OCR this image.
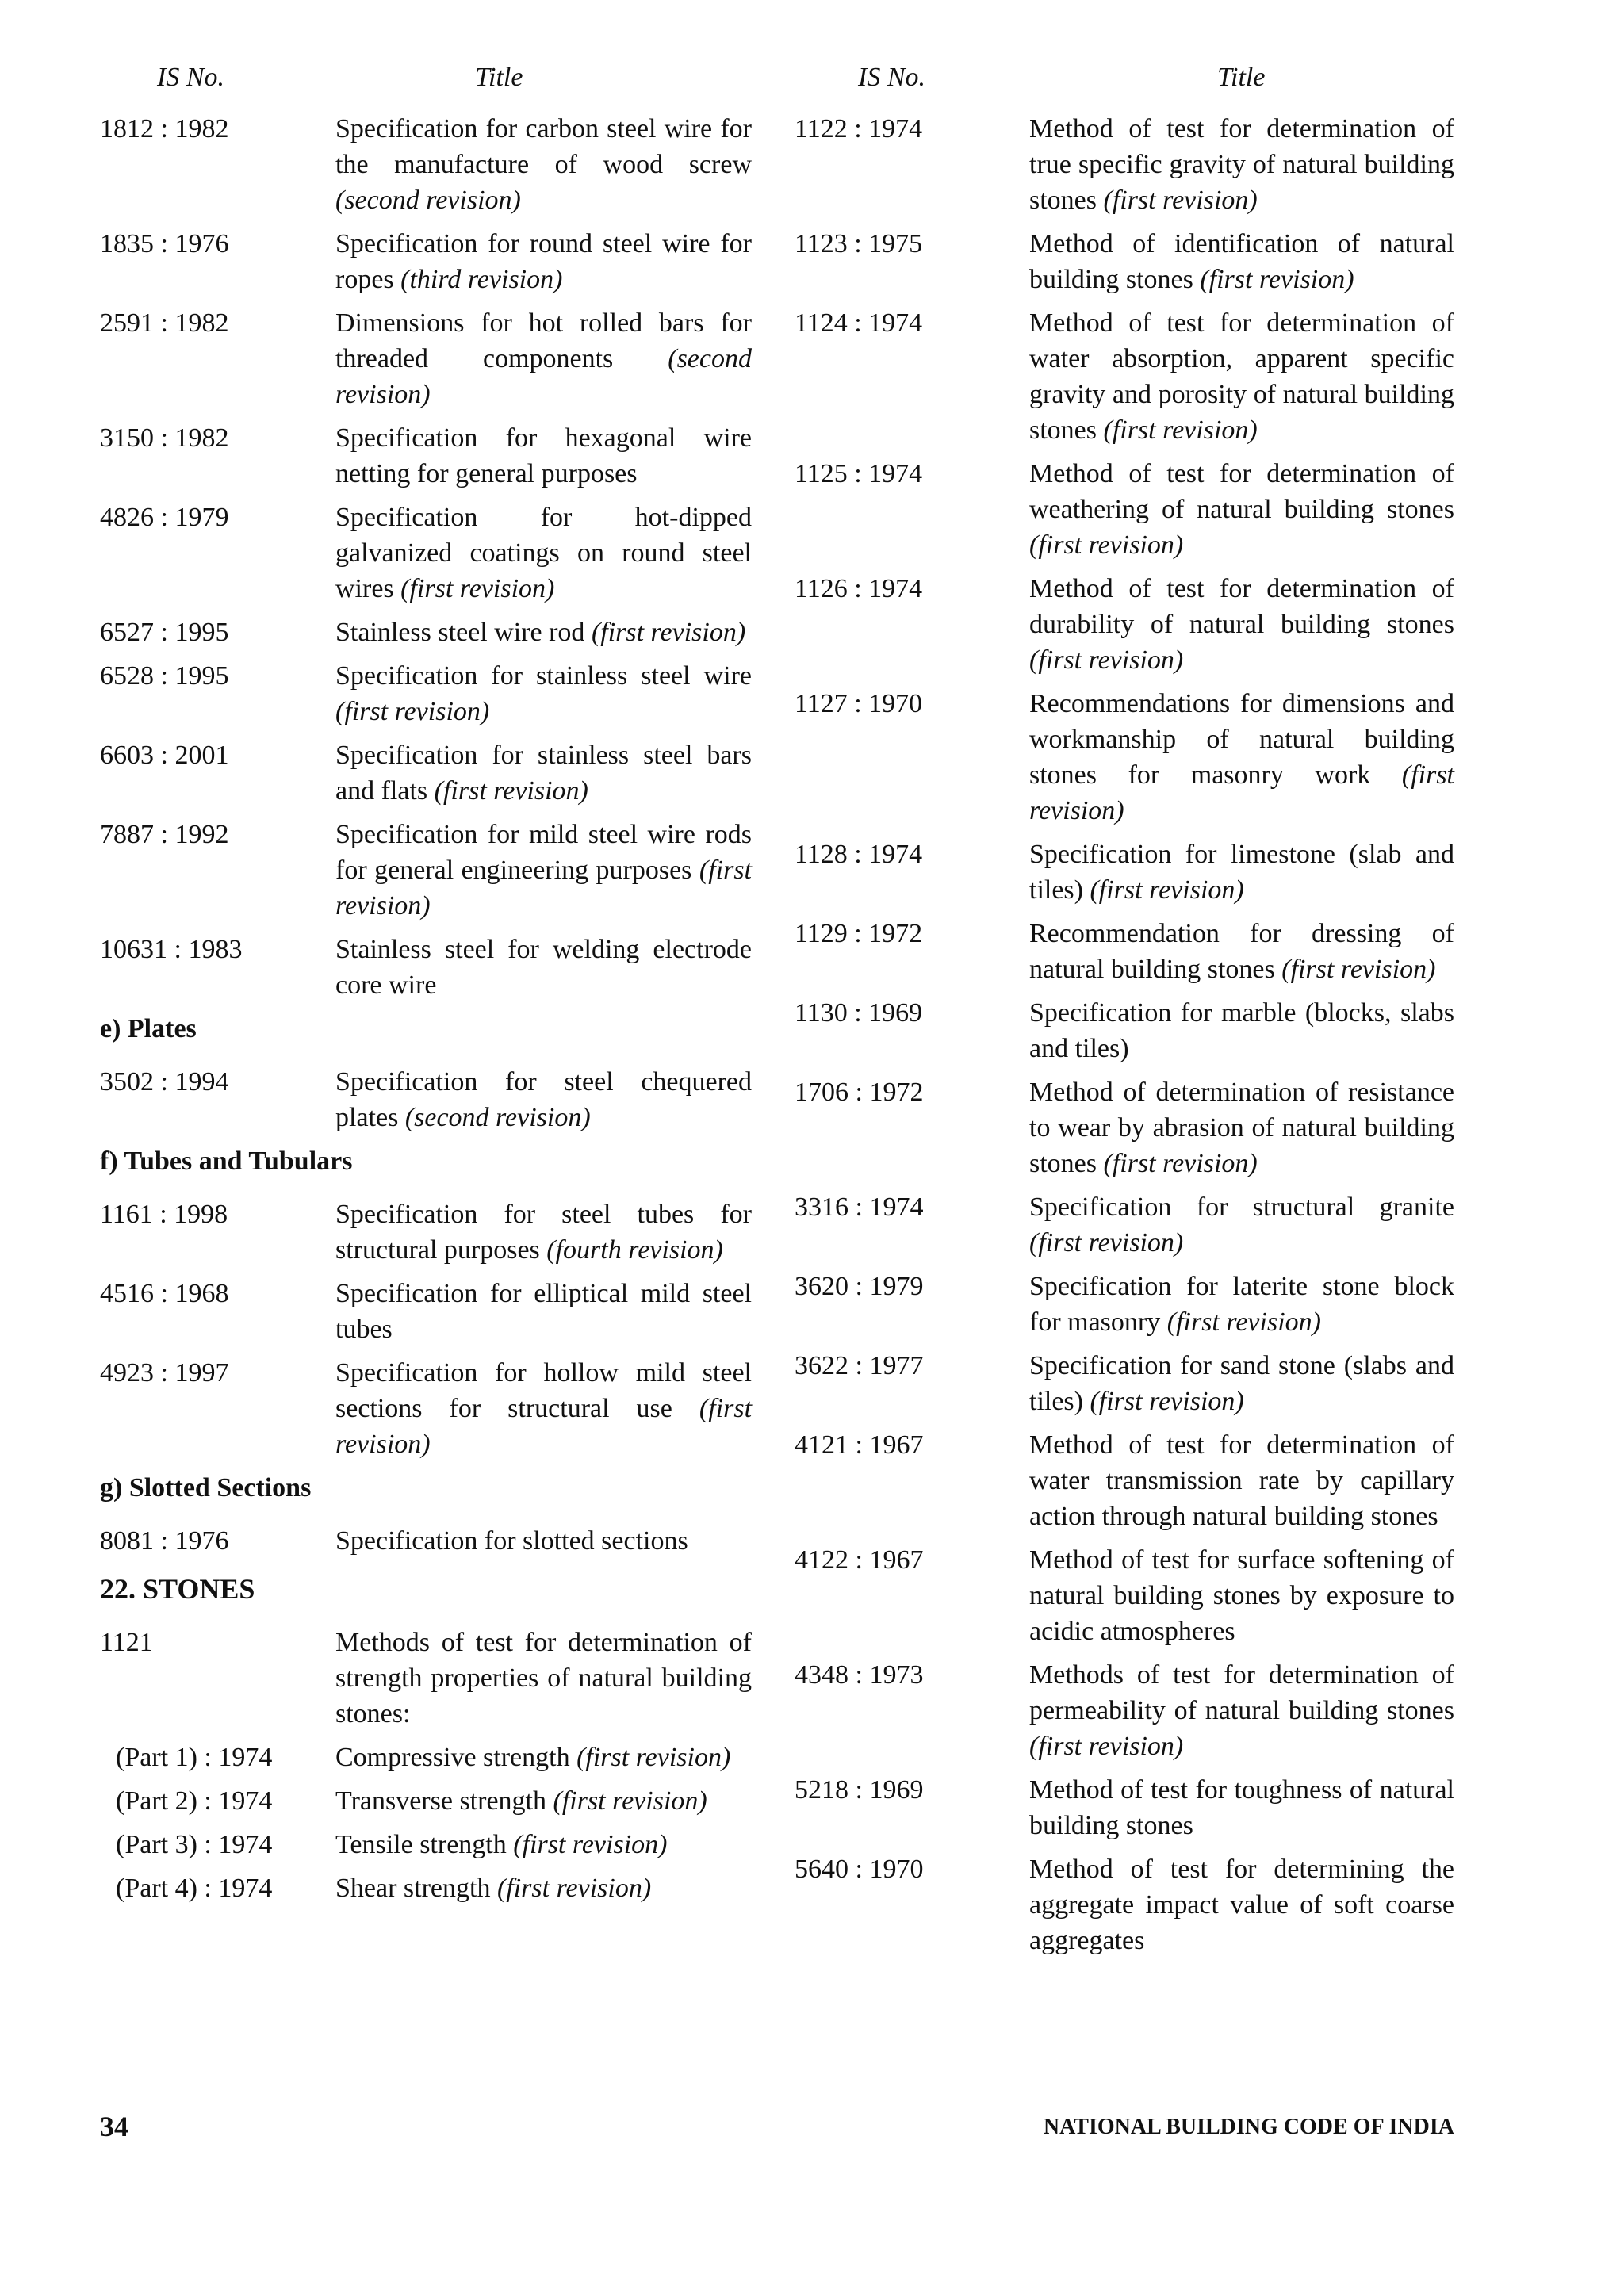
IS No.	Title
1812 : 1982	Specification for carbon steel wire for the manufacture of wood screw (second revision)
1835 : 1976	Specification for round steel wire for ropes (third revision)
2591 : 1982	Dimensions for hot rolled bars for threaded components (second revision)
3150 : 1982	Specification for hexagonal wire netting for general purposes
4826 : 1979	Specification for hot-dipped galvanized coatings on round steel wires (first revision)
6527 : 1995	Stainless steel wire rod (first revision)
6528 : 1995	Specification for stainless steel wire (first revision)
6603 : 2001	Specification for stainless steel bars and flats (first revision)
7887 : 1992	Specification for mild steel wire rods for general engineering purposes (first revision)
10631 : 1983	Stainless steel for welding electrode core wire
e) Plates
3502 : 1994	Specification for steel chequered plates (second revision)
f) Tubes and Tubulars
1161 : 1998	Specification for steel tubes for structural purposes (fourth revision)
4516 : 1968	Specification for elliptical mild steel tubes
4923 : 1997	Specification for hollow mild steel sections for structural use (first revision)
g) Slotted Sections
8081 : 1976	Specification for slotted sections
22. STONES
1121	Methods of test for determination of strength properties of natural building stones:
(Part 1) : 1974	Compressive strength (first revision)
(Part 2) : 1974	Transverse strength (first revision)
(Part 3) : 1974	Tensile strength (first revision)
(Part 4) : 1974	Shear strength (first revision)
IS No.	Title
1122 : 1974	Method of test for determination of true specific gravity of natural building stones (first revision)
1123 : 1975	Method of identification of natural building stones (first revision)
1124 : 1974	Method of test for determination of water absorption, apparent specific gravity and porosity of natural building stones (first revision)
1125 : 1974	Method of test for determination of weathering of natural building stones (first revision)
1126 : 1974	Method of test for determination of durability of natural building stones (first revision)
1127 : 1970	Recommendations for dimensions and workmanship of natural building stones for masonry work (first revision)
1128 : 1974	Specification for limestone (slab and tiles) (first revision)
1129 : 1972	Recommendation for dressing of natural building stones (first revision)
1130 : 1969	Specification for marble (blocks, slabs and tiles)
1706 : 1972	Method of determination of resistance to wear by abrasion of natural building stones (first revision)
3316 : 1974	Specification for structural granite (first revision)
3620 : 1979	Specification for laterite stone block for masonry (first revision)
3622 : 1977	Specification for sand stone (slabs and tiles) (first revision)
4121 : 1967	Method of test for determination of water transmission rate by capillary action through natural building stones
4122 : 1967	Method of test for surface softening of natural building stones by exposure to acidic atmospheres
4348 : 1973	Methods of test for determination of permeability of natural building stones (first revision)
5218 : 1969	Method of test for toughness of natural building stones
5640 : 1970	Method of test for determining the aggregate impact value of soft coarse aggregates
34	NATIONAL BUILDING CODE OF INDIA
